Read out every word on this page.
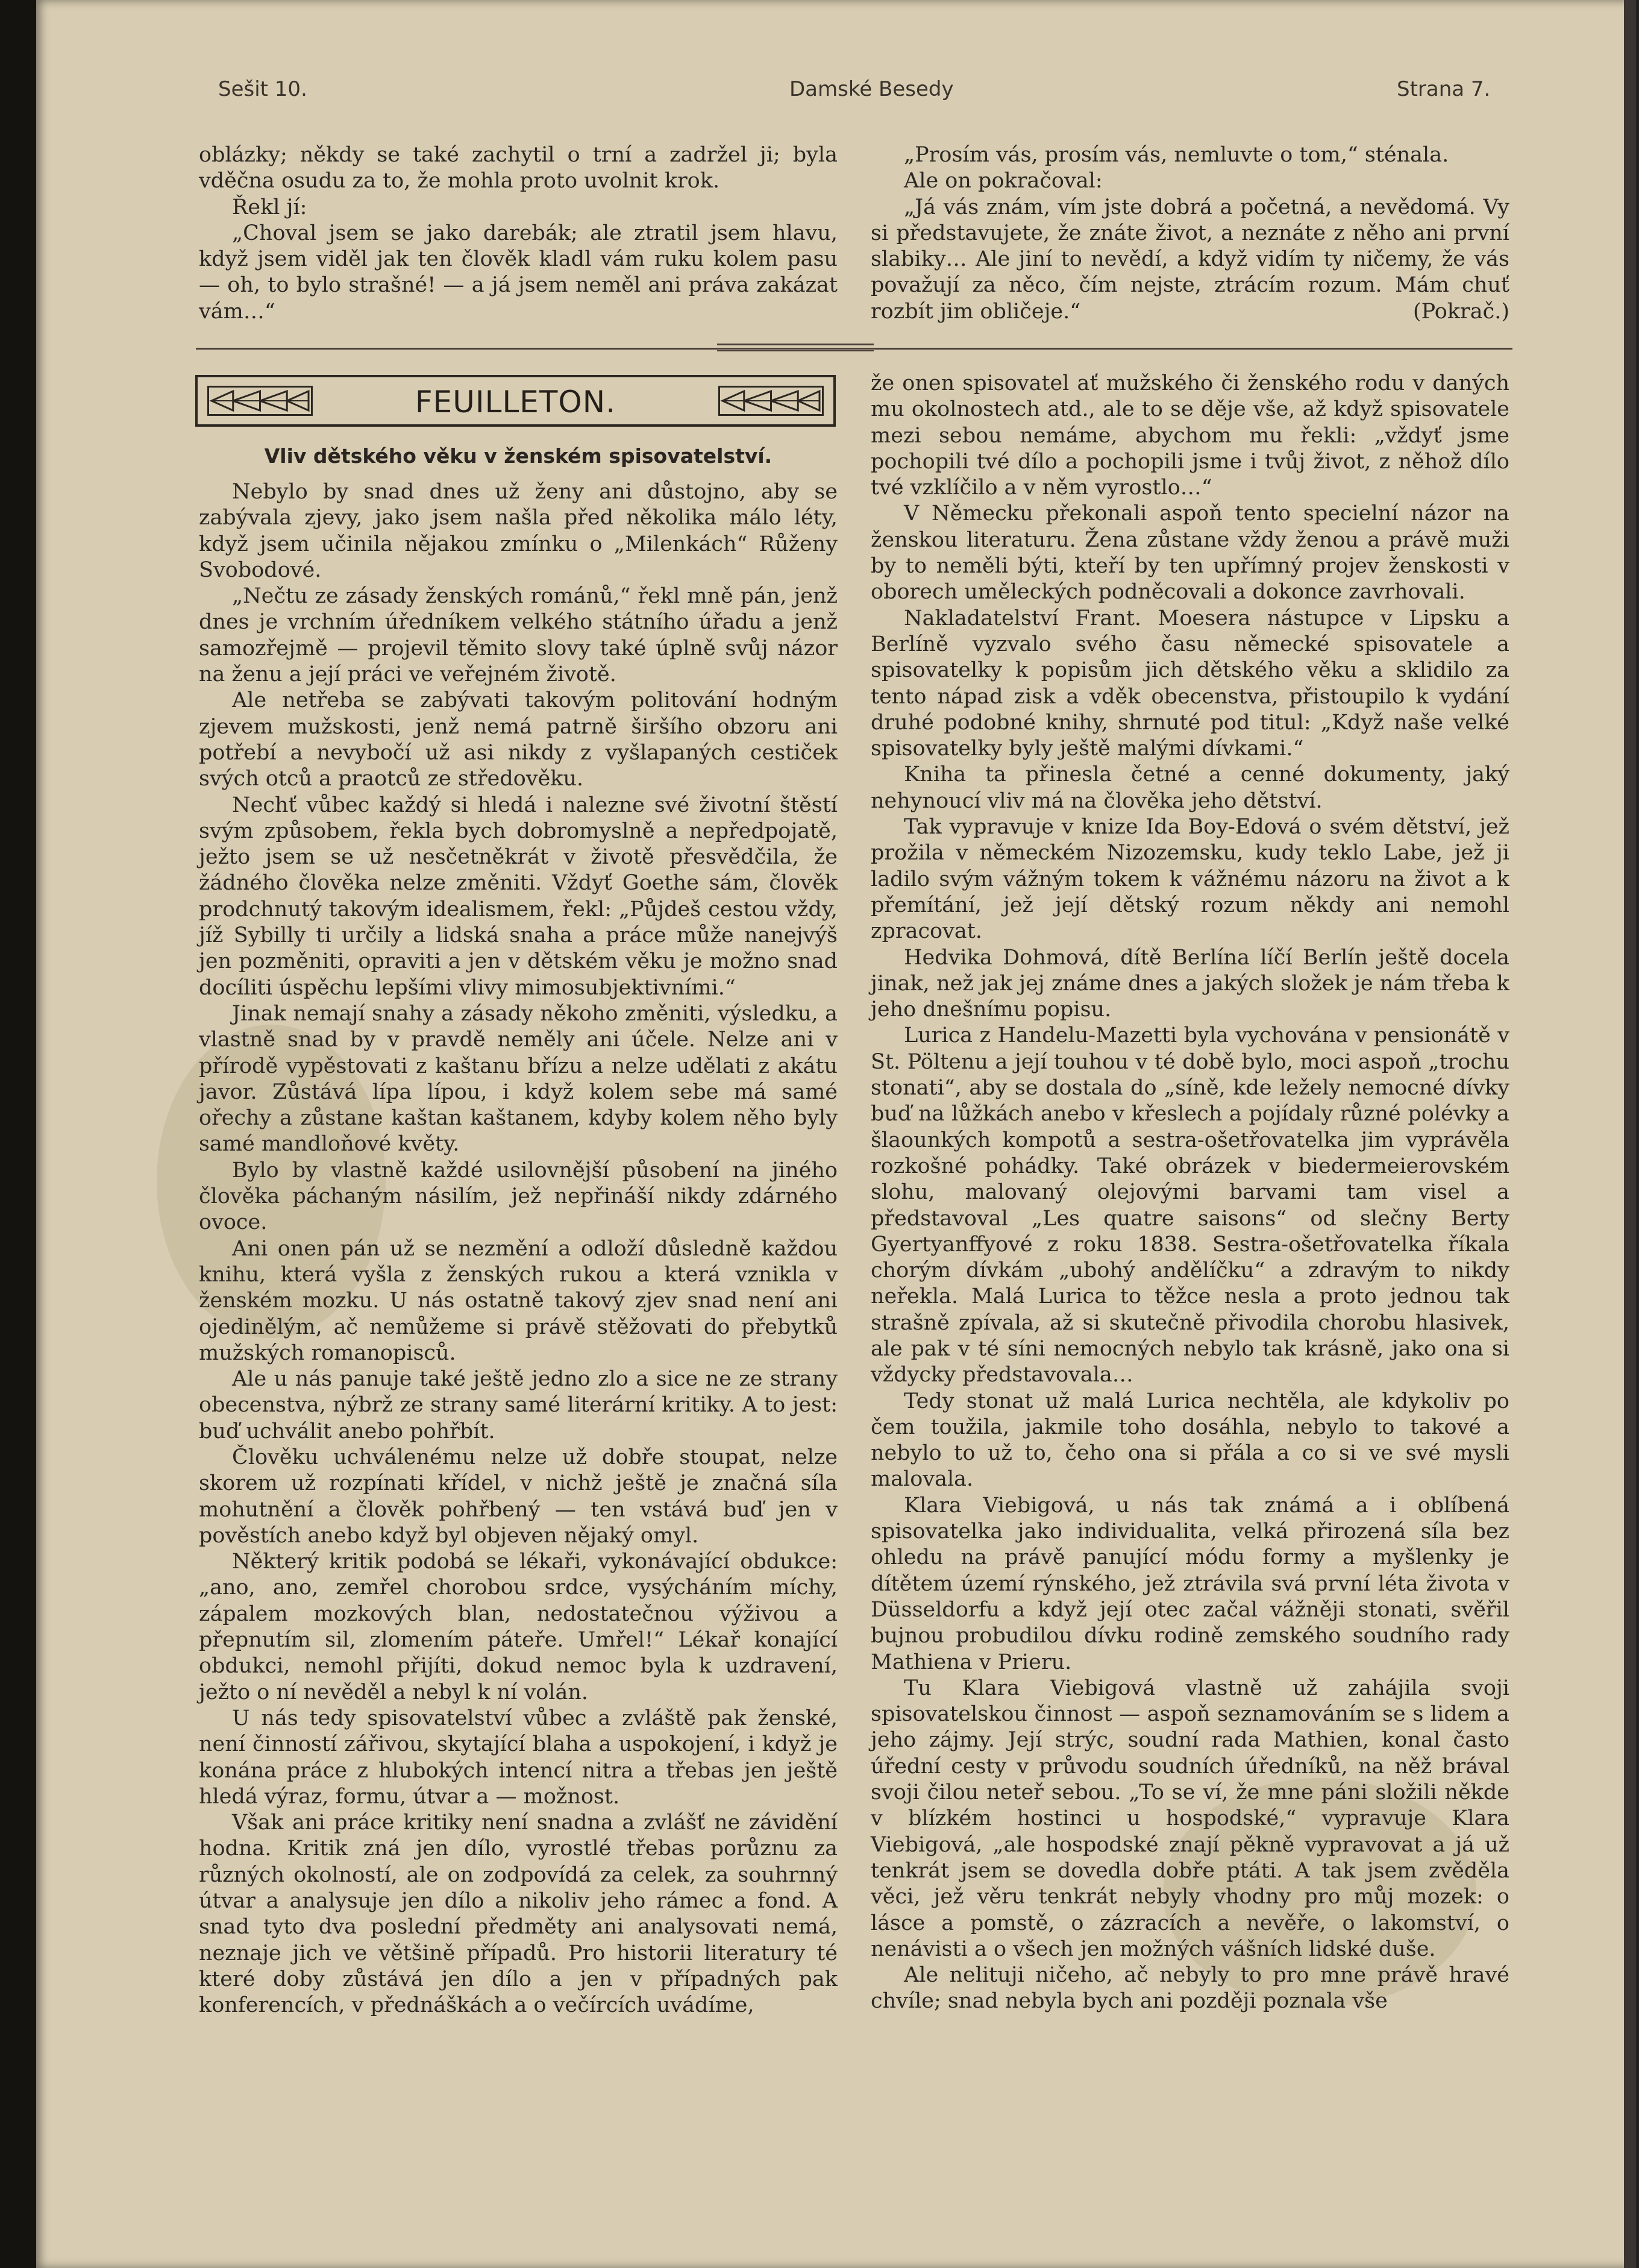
Sešit 10.	Damské Besedy	Strana 7.

oblázky; někdy se také zachytil o trní a zadržel ji; byla vděčna osudu za to, že mohla proto uvolnit krok.

Řekl jí:

„Choval jsem se jako darebák; ale ztratil jsem hlavu, když jsem viděl jak ten člověk kladl vám ruku kolem pasu — oh, to bylo strašné! — a já jsem neměl ani práva zakázat vám…“

„Prosím vás, prosím vás, nemluvte o tom,“ sténala.

Ale on pokračoval:

„Já vás znám, vím jste dobrá a početná, a nevědomá. Vy si představujete, že znáte život, a neznáte z něho ani první slabiky… Ale jiní to nevědí, a když vidím ty ničemy, že vás považují za něco, čím nejste, ztrácím rozum. Mám chuť rozbít jim obličeje.“	(Pokrač.)

FEUILLETON.
Vliv dětského věku v ženském spisovatelství.

Nebylo by snad dnes už ženy ani důstojno, aby se zabývala zjevy, jako jsem našla před několika málo léty, když jsem učinila nějakou zmínku o „Milenkách“ Růženy Svobodové.

„Nečtu ze zásady ženských románů,“ řekl mně pán, jenž dnes je vrchním úředníkem velkého státního úřadu a jenž samozřejmě — projevil těmito slovy také úplně svůj názor na ženu a její práci ve veřejném životě.

Ale netřeba se zabývati takovým politování hodným zjevem mužskosti, jenž nemá patrně širšího obzoru ani potřebí a nevybočí už asi nikdy z vyšlapaných cestiček svých otců a praotců ze středověku.

Nechť vůbec každý si hledá i nalezne své životní štěstí svým způsobem, řekla bych dobromyslně a nepředpojatě, ježto jsem se už nesčetněkrát v životě přesvědčila, že žádného člověka nelze změniti. Vždyť Goethe sám, člověk prodchnutý takovým idealismem, řekl: „Půjdeš cestou vždy, jíž Sybilly ti určily a lidská snaha a práce může nanejvýš jen pozměniti, opraviti a jen v dětském věku je možno snad docíliti úspěchu lepšími vlivy mimosubjektivními.“

Jinak nemají snahy a zásady někoho změniti, výsledku, a vlastně snad by v pravdě neměly ani účele. Nelze ani v přírodě vypěstovati z kaštanu břízu a nelze udělati z akátu javor. Zůstává lípa lípou, i když kolem sebe má samé ořechy a zůstane kaštan kaštanem, kdyby kolem něho byly samé mandloňové květy.

Bylo by vlastně každé usilovnější působení na jiného člověka páchaným násilím, jež nepřináší nikdy zdárného ovoce.

Ani onen pán už se nezmění a odloží důsledně každou knihu, která vyšla z ženských rukou a která vznikla v ženském mozku. U nás ostatně takový zjev snad není ani ojedinělým, ač nemůžeme si právě stěžovati do přebytků mužských romanopisců.

Ale u nás panuje také ještě jedno zlo a sice ne ze strany obecenstva, nýbrž ze strany samé literární kritiky. A to jest: buď uchválit anebo pohřbít.

Člověku uchválenému nelze už dobře stoupat, nelze skorem už rozpínati křídel, v nichž ještě je značná síla mohutnění a člověk pohřbený — ten vstává buď jen v pověstích anebo když byl objeven nějaký omyl.

Některý kritik podobá se lékaři, vykonávající obdukce: „ano, ano, zemřel chorobou srdce, vysýcháním míchy, zápalem mozkových blan, nedostatečnou výživou a přepnutím sil, zlomením páteře. Umřel!“ Lékař konající obdukci, nemohl přijíti, dokud nemoc byla k uzdravení, ježto o ní nevěděl a nebyl k ní volán.

U nás tedy spisovatelství vůbec a zvláště pak ženské, není činností zářivou, skytající blaha a uspokojení, i když je konána práce z hlubokých intencí nitra a třebas jen ještě hledá výraz, formu, útvar a — možnost.

Však ani práce kritiky není snadna a zvlášť ne závidění hodna. Kritik zná jen dílo, vyrostlé třebas porůznu za různých okolností, ale on zodpovídá za celek, za souhrnný útvar a analysuje jen dílo a nikoliv jeho rámec a fond. A snad tyto dva poslední předměty ani analysovati nemá, neznaje jich ve většině případů. Pro historii literatury té které doby zůstává jen dílo a jen v případných pak konferencích, v přednáškách a o večírcích uvádíme,

že onen spisovatel ať mužského či ženského rodu v daných mu okolnostech atd., ale to se děje vše, až když spisovatele mezi sebou nemáme, abychom mu řekli: „vždyť jsme pochopili tvé dílo a pochopili jsme i tvůj život, z něhož dílo tvé vzklíčilo a v něm vyrostlo…“

V Německu překonali aspoň tento specielní názor na ženskou literaturu. Žena zůstane vždy ženou a právě muži by to neměli býti, kteří by ten upřímný projev ženskosti v oborech uměleckých podněcovali a dokonce zavrhovali.

Nakladatelství Frant. Moesera nástupce v Lipsku a Berlíně vyzvalo svého času německé spisovatele a spisovatelky k popisům jich dětského věku a sklidilo za tento nápad zisk a vděk obecenstva, přistoupilo k vydání druhé podobné knihy, shrnuté pod titul: „Když naše velké spisovatelky byly ještě malými dívkami.“

Kniha ta přinesla četné a cenné dokumenty, jaký nehynoucí vliv má na člověka jeho dětství.

Tak vypravuje v knize Ida Boy-Edová o svém dětství, jež prožila v německém Nizozemsku, kudy teklo Labe, jež ji ladilo svým vážným tokem k vážnému názoru na život a k přemítání, jež její dětský rozum někdy ani nemohl zpracovat.

Hedvika Dohmová, dítě Berlína líčí Berlín ještě docela jinak, než jak jej známe dnes a jakých složek je nám třeba k jeho dnešnímu popisu.

Lurica z Handelu-Mazetti byla vychována v pensionátě v St. Pöltenu a její touhou v té době bylo, moci aspoň „trochu stonati“, aby se dostala do „síně, kde ležely nemocné dívky buď na lůžkách anebo v křeslech a pojídaly různé polévky a šlaounkých kompotů a sestra-ošetřovatelka jim vyprávěla rozkošné pohádky. Také obrázek v biedermeierovském slohu, malovaný olejovými barvami tam visel a představoval „Les quatre saisons“ od slečny Berty Gyertyanffyové z roku 1838. Sestra-ošetřovatelka říkala chorým dívkám „ubohý andělíčku“ a zdravým to nikdy neřekla. Malá Lurica to těžce nesla a proto jednou tak strašně zpívala, až si skutečně přivodila chorobu hlasivek, ale pak v té síni nemocných nebylo tak krásně, jako ona si vždycky představovala…

Tedy stonat už malá Lurica nechtěla, ale kdykoliv po čem toužila, jakmile toho dosáhla, nebylo to takové a nebylo to už to, čeho ona si přála a co si ve své mysli malovala.

Klara Viebigová, u nás tak známá a i oblíbená spisovatelka jako individualita, velká přirozená síla bez ohledu na právě panující módu formy a myšlenky je dítětem území rýnského, jež ztrávila svá první léta života v Düsseldorfu a když její otec začal vážněji stonati, svěřil bujnou probudilou dívku rodině zemského soudního rady Mathiena v Prieru.

Tu Klara Viebigová vlastně už zahájila svoji spisovatelskou činnost — aspoň seznamováním se s lidem a jeho zájmy. Její strýc, soudní rada Mathien, konal často úřední cesty v průvodu soudních úředníků, na něž brával svoji čilou neteř sebou. „To se ví, že mne páni složili někde v blízkém hostinci u hospodské,“ vypravuje Klara Viebigová, „ale hospodské znají pěkně vypravovat a já už tenkrát jsem se dovedla dobře ptáti. A tak jsem zvěděla věci, jež věru tenkrát nebyly vhodny pro můj mozek: o lásce a pomstě, o zázracích a nevěře, o lakomství, o nenávisti a o všech jen možných vášních lidské duše.

Ale nelituji ničeho, ač nebyly to pro mne právě hravé chvíle; snad nebyla bych ani později poznala vše
